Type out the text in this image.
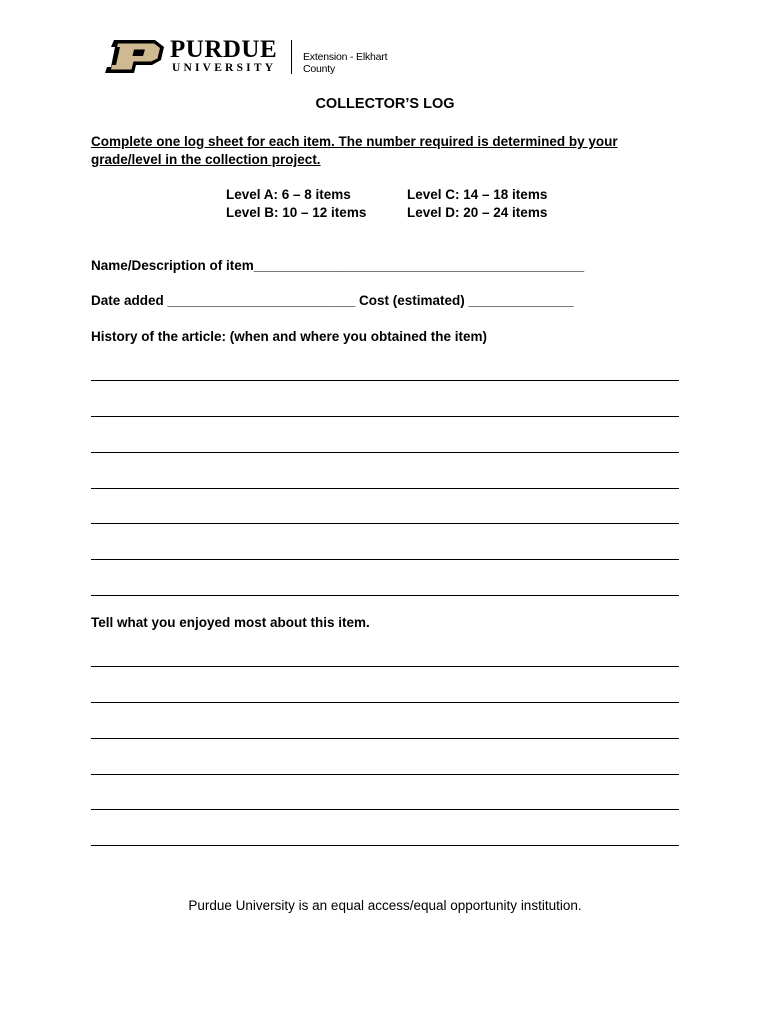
PURDUE
UNIVERSITY
Extension - Elkhart County
COLLECTOR’S LOG
Complete one log sheet for each item. The number required is determined by your grade/level in the collection project.
Level A: 6 – 8 items	Level C: 14 – 18 items
Level B: 10 – 12 items	Level D: 20 – 24 items
Name/Description of item____________________________________________
Date added _________________________ Cost (estimated) ______________
History of the article: (when and where you obtained the item)
Tell what you enjoyed most about this item.
Purdue University is an equal access/equal opportunity institution.
